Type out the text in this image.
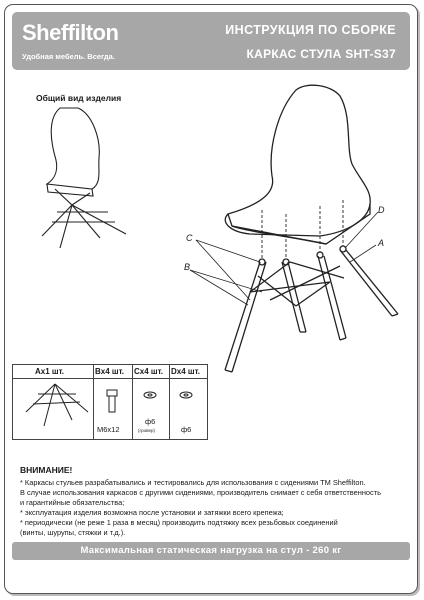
Sheffilton
Удобная мебель. Всегда.
ИНСТРУКЦИЯ ПО СБОРКЕ
КАРКАС СТУЛА SHT-S37
Общий вид изделия
C
B
D
A
Ax1 шт.	Bx4 шт. Cx4 шт. Dx4 шт.
M6x12
ф6
(гровер)	ф6
ВНИМАНИЕ!
* Каркасы стульев разрабатывались и тестировались для использования с сидениями ТМ Sheffilton.
В случае использования каркасов с другими сидениями, производитель снимает с себя ответственность
и гарантийные обязательства;
* эксплуатация изделия возможна после установки и затяжки всего крепежа;
* периодически (не реже 1 раза в месяц) производить подтяжку всех резьбовых соединений
(винты, шурупы, стяжки и т.д.).
Максимальная статическая нагрузка на стул - 260 кг
